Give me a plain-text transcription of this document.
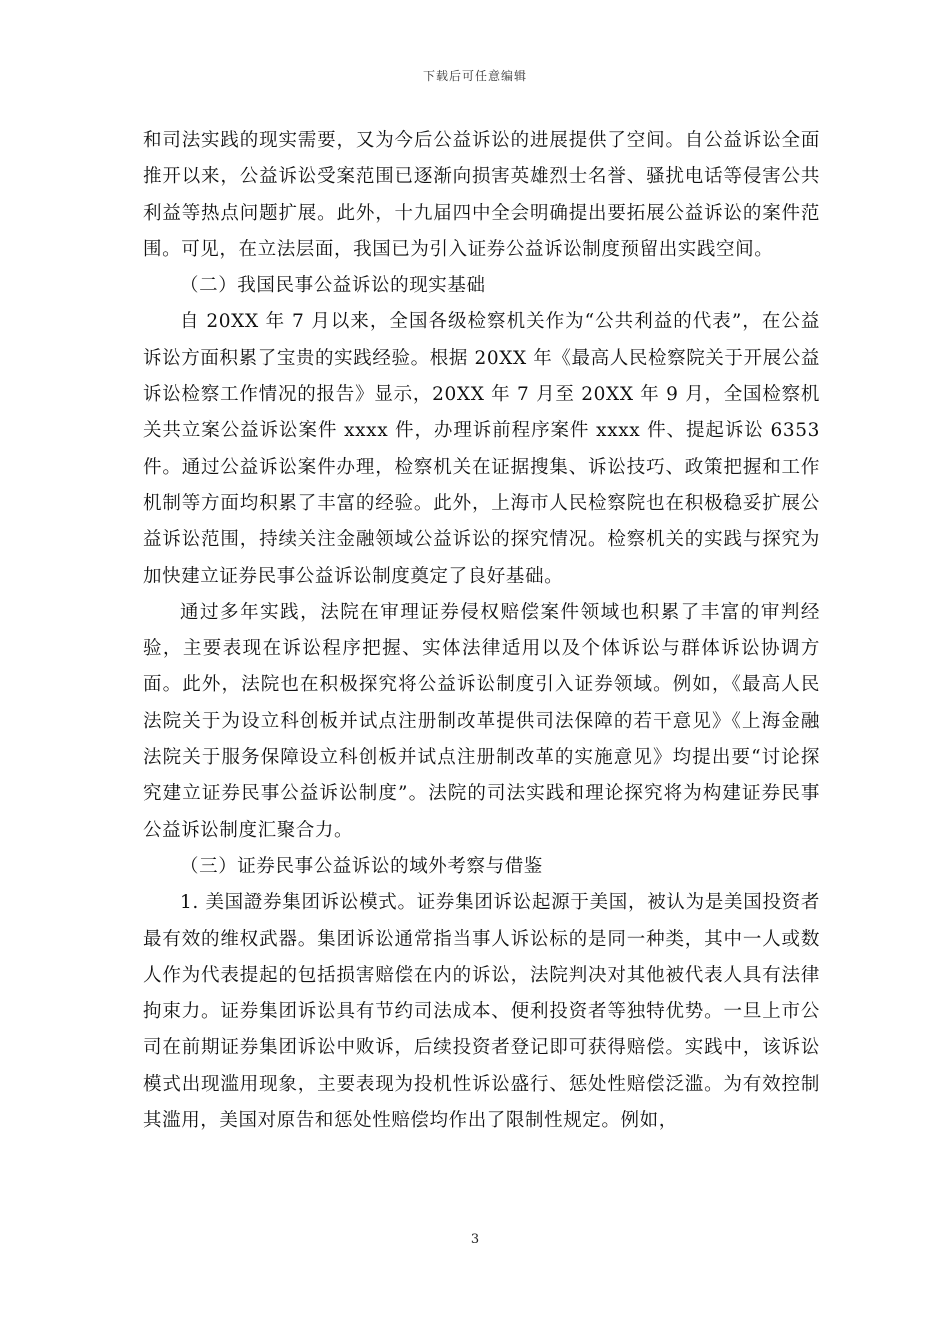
下载后可任意编辑

和司法实践的现实需要，又为今后公益诉讼的进展提供了空间。自公益诉讼全面推开以来，公益诉讼受案范围已逐渐向损害英雄烈士名誉、骚扰电话等侵害公共利益等热点问题扩展。此外，十九届四中全会明确提出要拓展公益诉讼的案件范围。可见，在立法层面，我国已为引入证券公益诉讼制度预留出实践空间。

（二）我国民事公益诉讼的现实基础

自 20XX 年 7 月以来，全国各级检察机关作为“公共利益的代表”，在公益诉讼方面积累了宝贵的实践经验。根据 20XX 年《最高人民检察院关于开展公益诉讼检察工作情况的报告》显示，20XX 年 7 月至 20XX 年 9 月，全国检察机关共立案公益诉讼案件 xxxx 件，办理诉前程序案件 xxxx 件、提起诉讼 6353 件。通过公益诉讼案件办理，检察机关在证据搜集、诉讼技巧、政策把握和工作机制等方面均积累了丰富的经验。此外，上海市人民检察院也在积极稳妥扩展公益诉讼范围，持续关注金融领域公益诉讼的探究情况。检察机关的实践与探究为加快建立证券民事公益诉讼制度奠定了良好基础。

通过多年实践，法院在审理证券侵权赔偿案件领域也积累了丰富的审判经验，主要表现在诉讼程序把握、实体法律适用以及个体诉讼与群体诉讼协调方面。此外，法院也在积极探究将公益诉讼制度引入证券领域。例如，《最高人民法院关于为设立科创板并试点注册制改革提供司法保障的若干意见》《上海金融法院关于服务保障设立科创板并试点注册制改革的实施意见》均提出要“讨论探究建立证券民事公益诉讼制度”。法院的司法实践和理论探究将为构建证券民事公益诉讼制度汇聚合力。

（三）证券民事公益诉讼的域外考察与借鉴

1. 美国證券集团诉讼模式。证券集团诉讼起源于美国，被认为是美国投资者最有效的维权武器。集团诉讼通常指当事人诉讼标的是同一种类，其中一人或数人作为代表提起的包括损害赔偿在内的诉讼，法院判决对其他被代表人具有法律拘束力。证券集团诉讼具有节约司法成本、便利投资者等独特优势。一旦上市公司在前期证券集团诉讼中败诉，后续投资者登记即可获得赔偿。实践中，该诉讼模式出现滥用现象，主要表现为投机性诉讼盛行、惩处性赔偿泛滥。为有效控制其滥用，美国对原告和惩处性赔偿均作出了限制性规定。例如，

3
